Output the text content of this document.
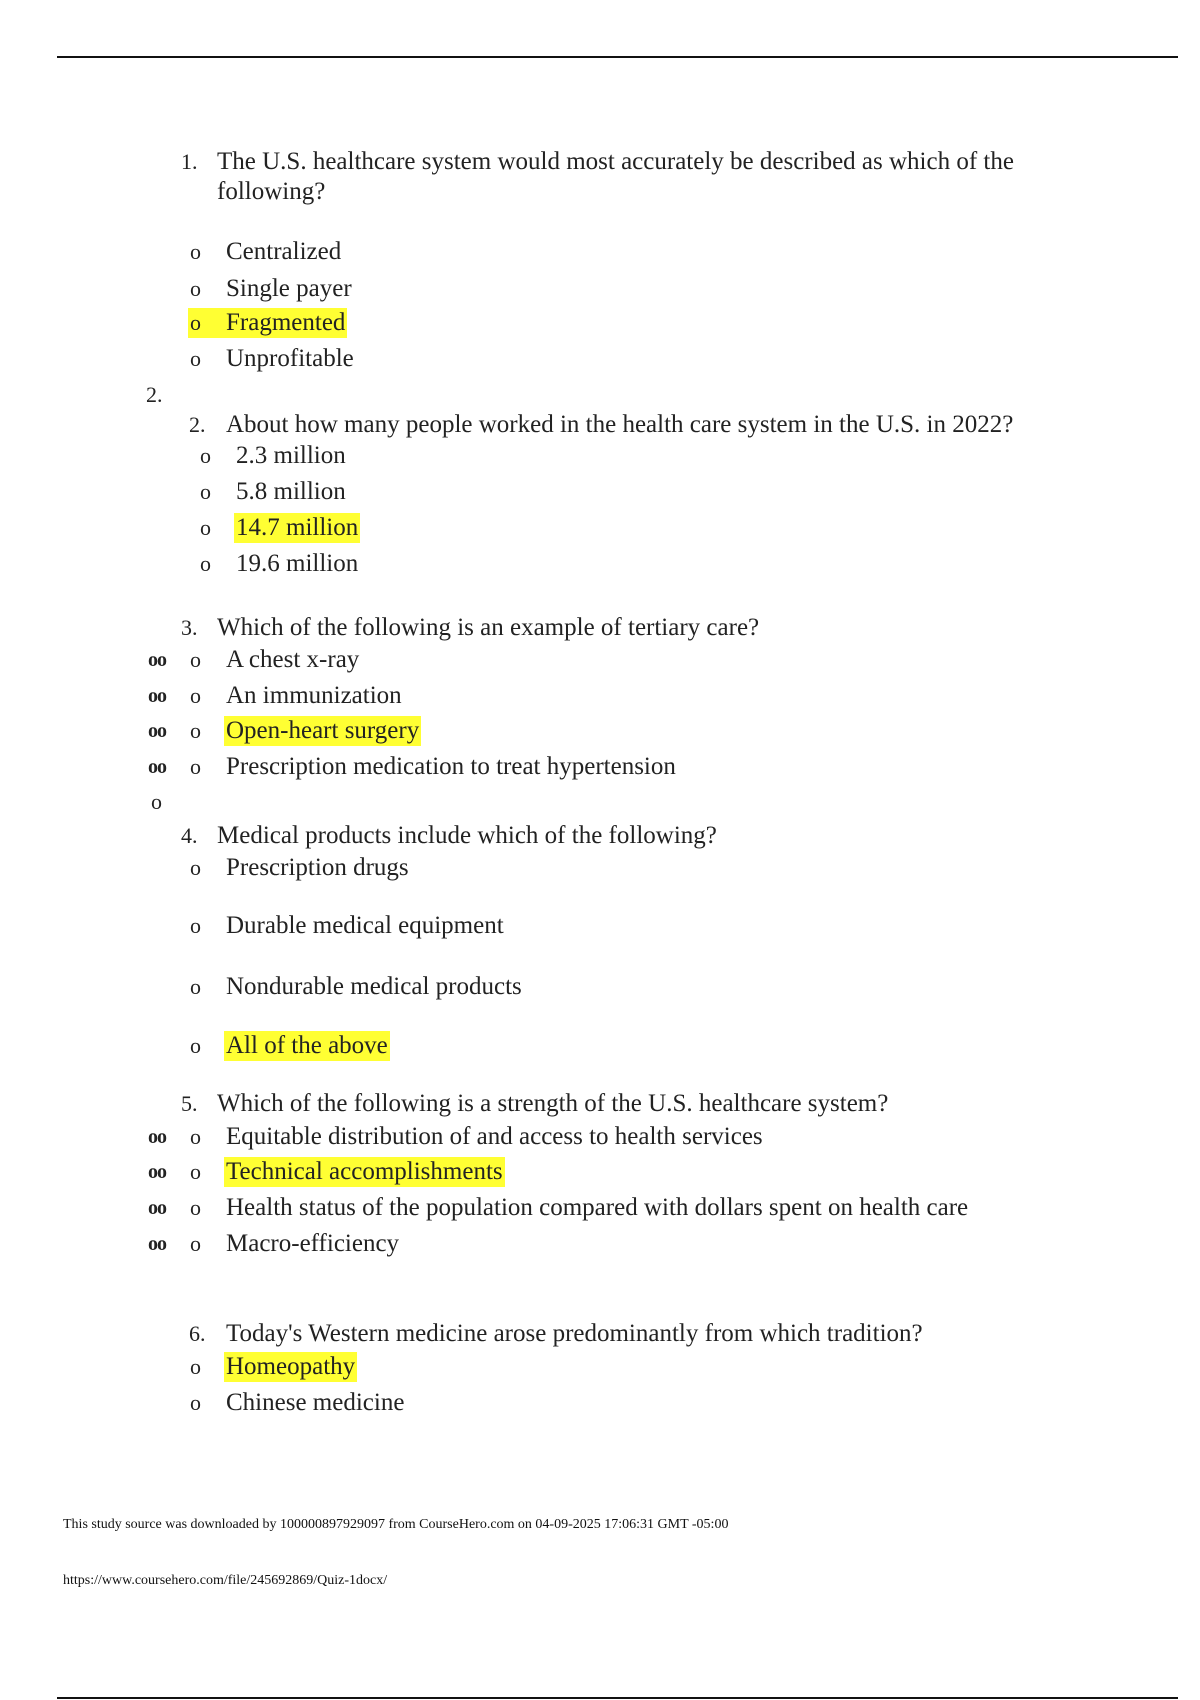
1. The U.S. healthcare system would most accurately be described as which of the
following?
o Centralized
o Single payer
o	Fragmented
o Unprofitable
2.
2. About how many people worked in the health care system in the U.S. in 2022?
o 2.3 million
o 5.8 million
o 14.7 million
o 19.6 million
3. Which of the following is an example of tertiary care?
oo o A chest x-ray
oo o An immunization
oo o Open-heart surgery
oo o Prescription medication to treat hypertension
o
4. Medical products include which of the following?
o Prescription drugs
o Durable medical equipment
o Nondurable medical products
o All of the above
5. Which of the following is a strength of the U.S. healthcare system?
oo o Equitable distribution of and access to health services
oo o Technical accomplishments
oo o Health status of the population compared with dollars spent on health care
oo o Macro-efficiency
6. Today's Western medicine arose predominantly from which tradition?
o Homeopathy
o Chinese medicine
This study source was downloaded by 100000897929097 from CourseHero.com on 04-09-2025 17:06:31 GMT -05:00
https://www.coursehero.com/file/245692869/Quiz-1docx/
